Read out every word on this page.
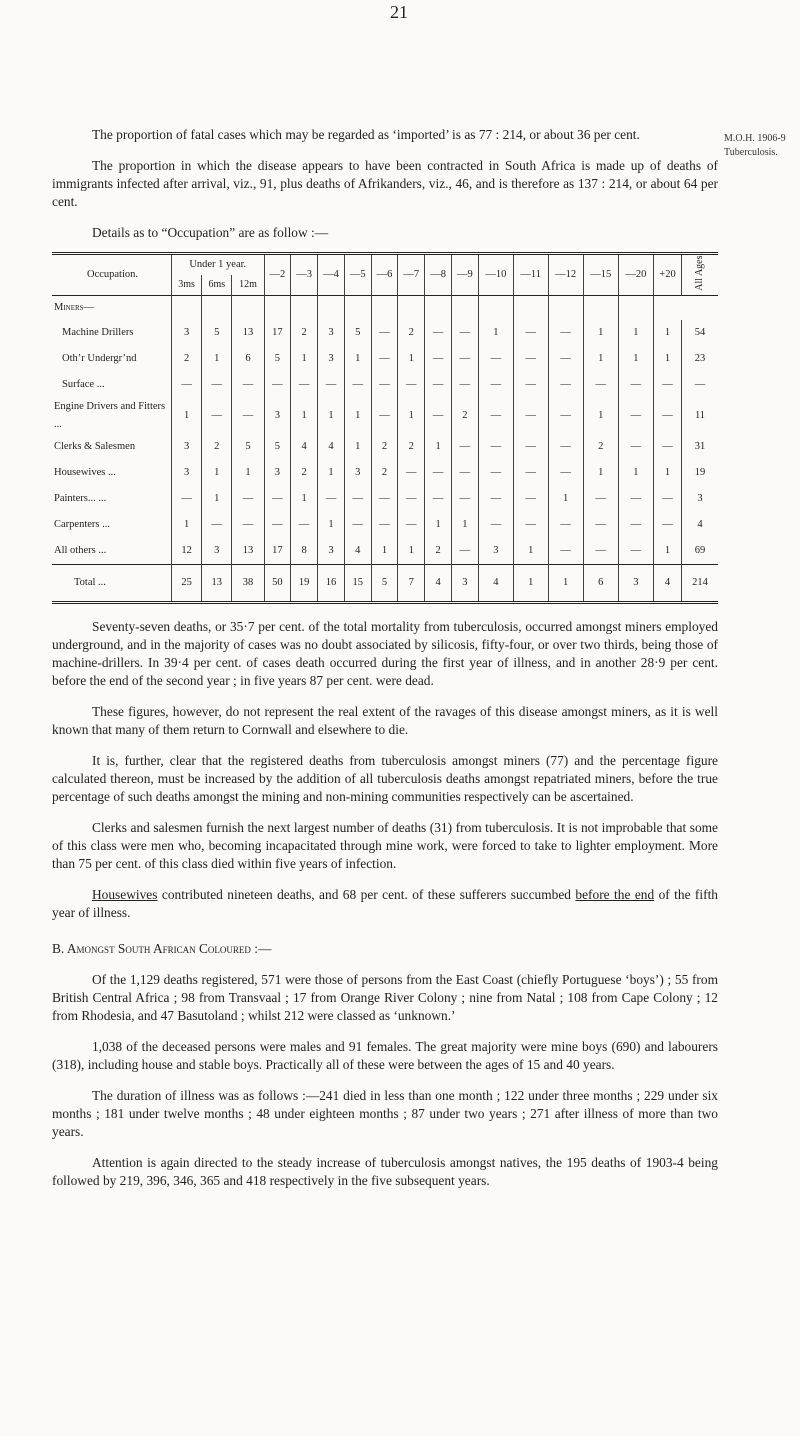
21
M.O.H. 1906-9
Tuberculosis.

The proportion of fatal cases which may be regarded as ‘imported’ is as 77 : 214, or about 36 per cent.

The proportion in which the disease appears to have been contracted in South Africa is made up of deaths of immigrants infected after arrival, viz., 91, plus deaths of Afrikanders, viz., 46, and is therefore as 137 : 214, or about 64 per cent.

Details as to “Occupation” are as follow :—

Occupation.	Under 1 year.			—2	—3	—4	—5	—6	—7	—8	—9	—10	—11	—12	—15	—20	+20	All Ages.
	3ms	6ms	12m															
Miners—																		
Machine Drillers	3	5	13	17	2	3	5	—	2	—	—	1	—	—	1	1	1	54
Oth’r Undergr’nd	2	1	6	5	1	3	1	—	1	—	—	—	—	—	1	1	1	23
Surface ...	—	—	—	—	—	—	—	—	—	—	—	—	—	—	—	—	—	—
Engine Drivers and Fitters ...	1	—	—	3	1	1	1	—	1	—	2	—	—	—	1	—	—	11
Clerks & Salesmen	3	2	5	5	4	4	1	2	2	1	—	—	—	—	2	—	—	31
Housewives ...	3	1	1	3	2	1	3	2	—	—	—	—	—	—	1	1	1	19
Painters... ...	—	1	—	—	1	—	—	—	—	—	—	—	—	1	—	—	—	3
Carpenters ...	1	—	—	—	—	1	—	—	—	1	1	—	—	—	—	—	—	4
All others ...	12	3	13	17	8	3	4	1	1	2	—	3	1	—	—	—	1	69
Total ...	25	13	38	50	19	16	15	5	7	4	3	4	1	1	6	3	4	214

Seventy-seven deaths, or 35·7 per cent. of the total mortality from tuberculosis, occurred amongst miners employed underground, and in the majority of cases was no doubt associated by silicosis, fifty-four, or over two thirds, being those of machine-drillers. In 39·4 per cent. of cases death occurred during the first year of illness, and in another 28·9 per cent. before the end of the second year ; in five years 87 per cent. were dead.

These figures, however, do not represent the real extent of the ravages of this disease amongst miners, as it is well known that many of them return to Cornwall and elsewhere to die.

It is, further, clear that the registered deaths from tuberculosis amongst miners (77) and the percentage figure calculated thereon, must be increased by the addition of all tuberculosis deaths amongst repatriated miners, before the true percentage of such deaths amongst the mining and non-mining communities respectively can be ascertained.

Clerks and salesmen furnish the next largest number of deaths (31) from tuberculosis. It is not improbable that some of this class were men who, becoming incapacitated through mine work, were forced to take to lighter employment. More than 75 per cent. of this class died within five years of infection.

Housewives contributed nineteen deaths, and 68 per cent. of these sufferers succumbed before the end of the fifth year of illness.

B. Amongst South African Coloured :—

Of the 1,129 deaths registered, 571 were those of persons from the East Coast (chiefly Portuguese ‘boys’) ; 55 from British Central Africa ; 98 from Transvaal ; 17 from Orange River Colony ; nine from Natal ; 108 from Cape Colony ; 12 from Rhodesia, and 47 Basutoland ; whilst 212 were classed as ‘unknown.’

1,038 of the deceased persons were males and 91 females. The great majority were mine boys (690) and labourers (318), including house and stable boys. Practically all of these were between the ages of 15 and 40 years.

The duration of illness was as follows :—241 died in less than one month ; 122 under three months ; 229 under six months ; 181 under twelve months ; 48 under eighteen months ; 87 under two years ; 271 after illness of more than two years.

Attention is again directed to the steady increase of tuberculosis amongst natives, the 195 deaths of 1903-4 being followed by 219, 396, 346, 365 and 418 respectively in the five subsequent years.
